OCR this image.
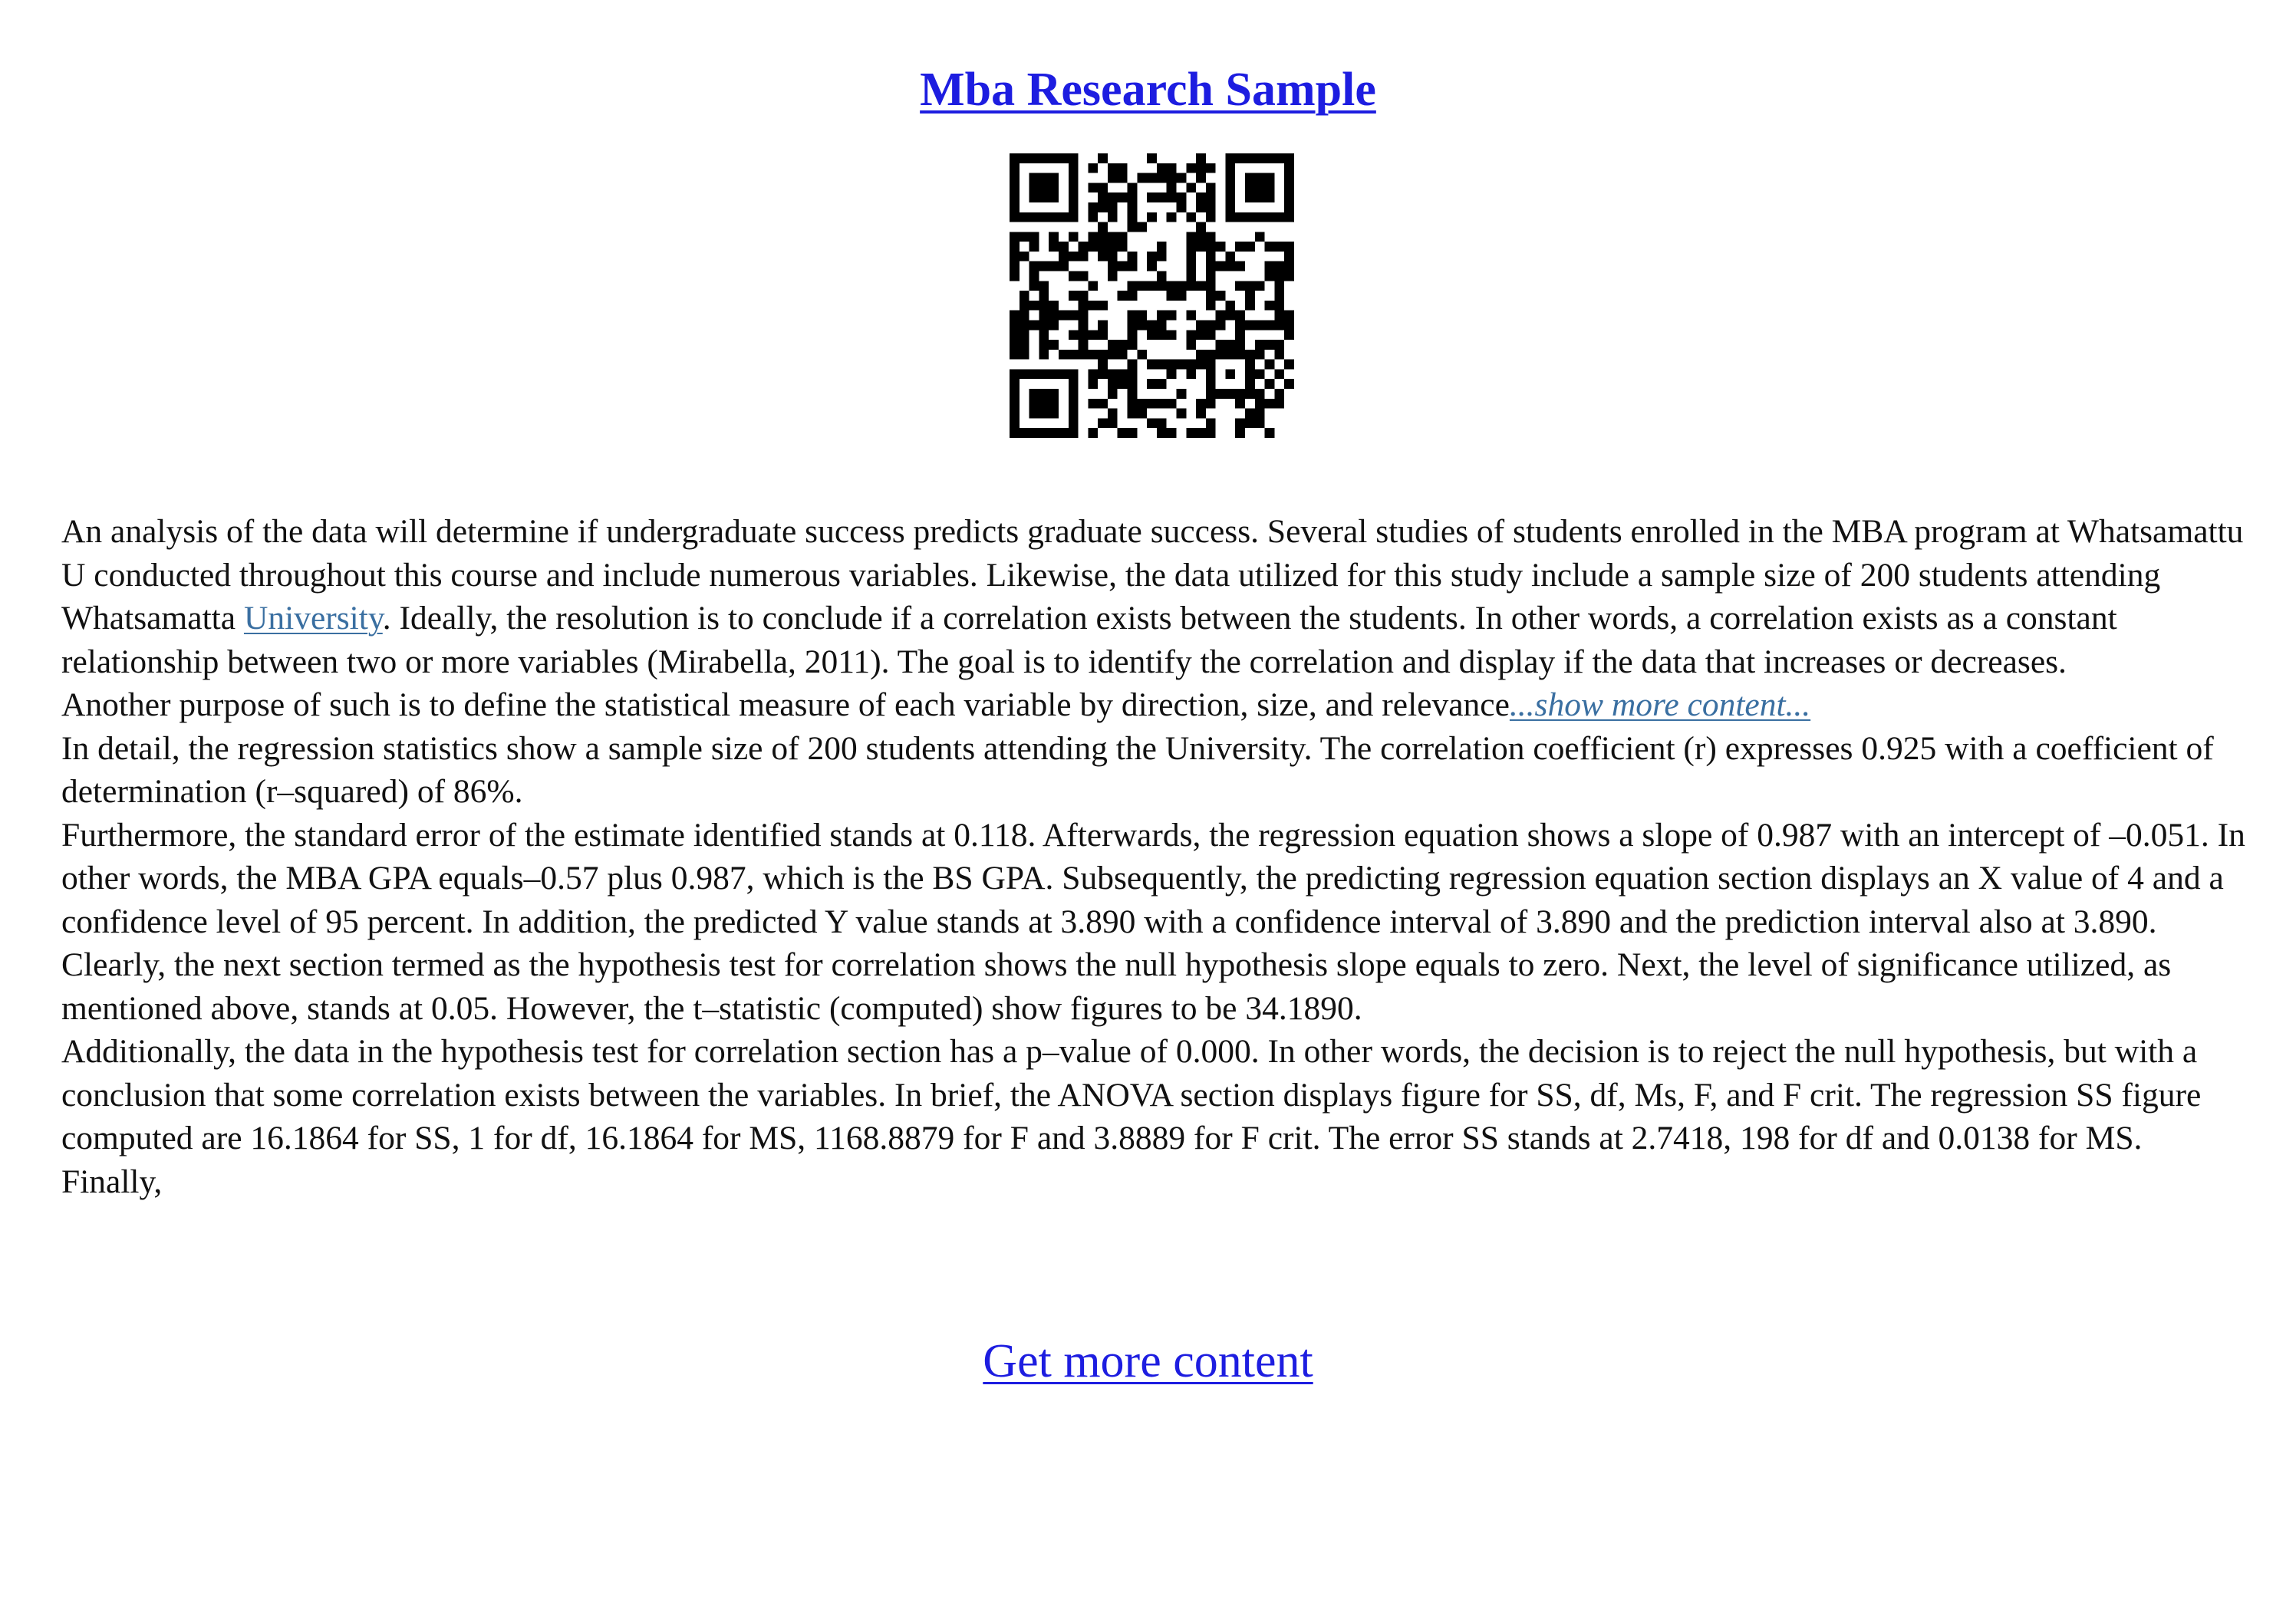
Mba Research Sample

An analysis of the data will determine if undergraduate success predicts graduate success. Several studies of students enrolled in the MBA program at Whatsamattu U conducted throughout this course and include numerous variables. Likewise, the data utilized for this study include a sample size of 200 students attending Whatsamatta University. Ideally, the resolution is to conclude if a correlation exists between the students. In other words, a correlation exists as a constant relationship between two or more variables (Mirabella, 2011). The goal is to identify the correlation and display if the data that increases or decreases.

Another purpose of such is to define the statistical measure of each variable by direction, size, and relevance...show more content...

In detail, the regression statistics show a sample size of 200 students attending the University. The correlation coefficient (r) expresses 0.925 with a coefficient of determination (r–squared) of 86%.

Furthermore, the standard error of the estimate identified stands at 0.118. Afterwards, the regression equation shows a slope of 0.987 with an intercept of –0.051. In other words, the MBA GPA equals–0.57 plus 0.987, which is the BS GPA. Subsequently, the predicting regression equation section displays an X value of 4 and a confidence level of 95 percent. In addition, the predicted Y value stands at 3.890 with a confidence interval of 3.890 and the prediction interval also at 3.890. Clearly, the next section termed as the hypothesis test for correlation shows the null hypothesis slope equals to zero. Next, the level of significance utilized, as mentioned above, stands at 0.05. However, the t–statistic (computed) show figures to be 34.1890.

Additionally, the data in the hypothesis test for correlation section has a p–value of 0.000. In other words, the decision is to reject the null hypothesis, but with a conclusion that some correlation exists between the variables. In brief, the ANOVA section displays figure for SS, df, Ms, F, and F crit. The regression SS figure computed are 16.1864 for SS, 1 for df, 16.1864 for MS, 1168.8879 for F and 3.8889 for F crit. The error SS stands at 2.7418, 198 for df and 0.0138 for MS. Finally,

Get more content
